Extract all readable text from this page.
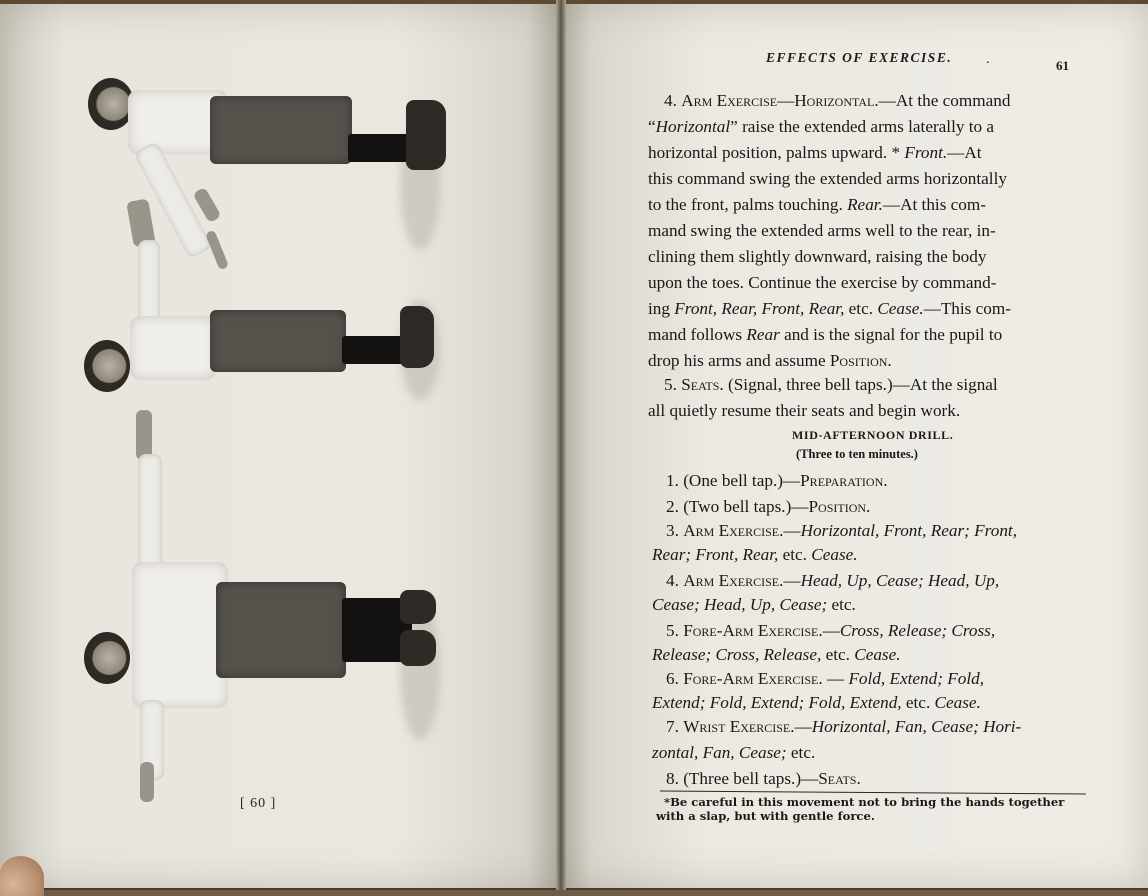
[ 60 ]
EFFECTS OF EXERCISE. .	61
4. Arm Exercise—Horizontal.—At the command
“Horizontal” raise the extended arms laterally to a
horizontal position, palms upward. * Front.—At
this command swing the extended arms horizontally
to the front, palms touching. Rear.—At this com-
mand swing the extended arms well to the rear, in-
clining them slightly downward, raising the body
upon the toes. Continue the exercise by command-
ing Front, Rear, Front, Rear, etc. Cease.—This com-
mand follows Rear and is the signal for the pupil to
drop his arms and assume Position.
5. Seats. (Signal, three bell taps.)—At the signal
all quietly resume their seats and begin work.
MID-AFTERNOON DRILL.
(Three to ten minutes.)
1. (One bell tap.)—Preparation.
2. (Two bell taps.)—Position.
3. Arm Exercise.—Horizontal, Front, Rear; Front,
Rear; Front, Rear, etc. Cease.
4. Arm Exercise.—Head, Up, Cease; Head, Up,
Cease; Head, Up, Cease; etc.
5. Fore-Arm Exercise.—Cross, Release; Cross,
Release; Cross, Release, etc. Cease.
6. Fore-Arm Exercise. — Fold, Extend; Fold,
Extend; Fold, Extend; Fold, Extend, etc. Cease.
7. Wrist Exercise.—Horizontal, Fan, Cease; Hori-
zontal, Fan, Cease; etc.
8. (Three bell taps.)—Seats.
*Be careful in this movement not to bring the hands together
with a slap, but with gentle force.
